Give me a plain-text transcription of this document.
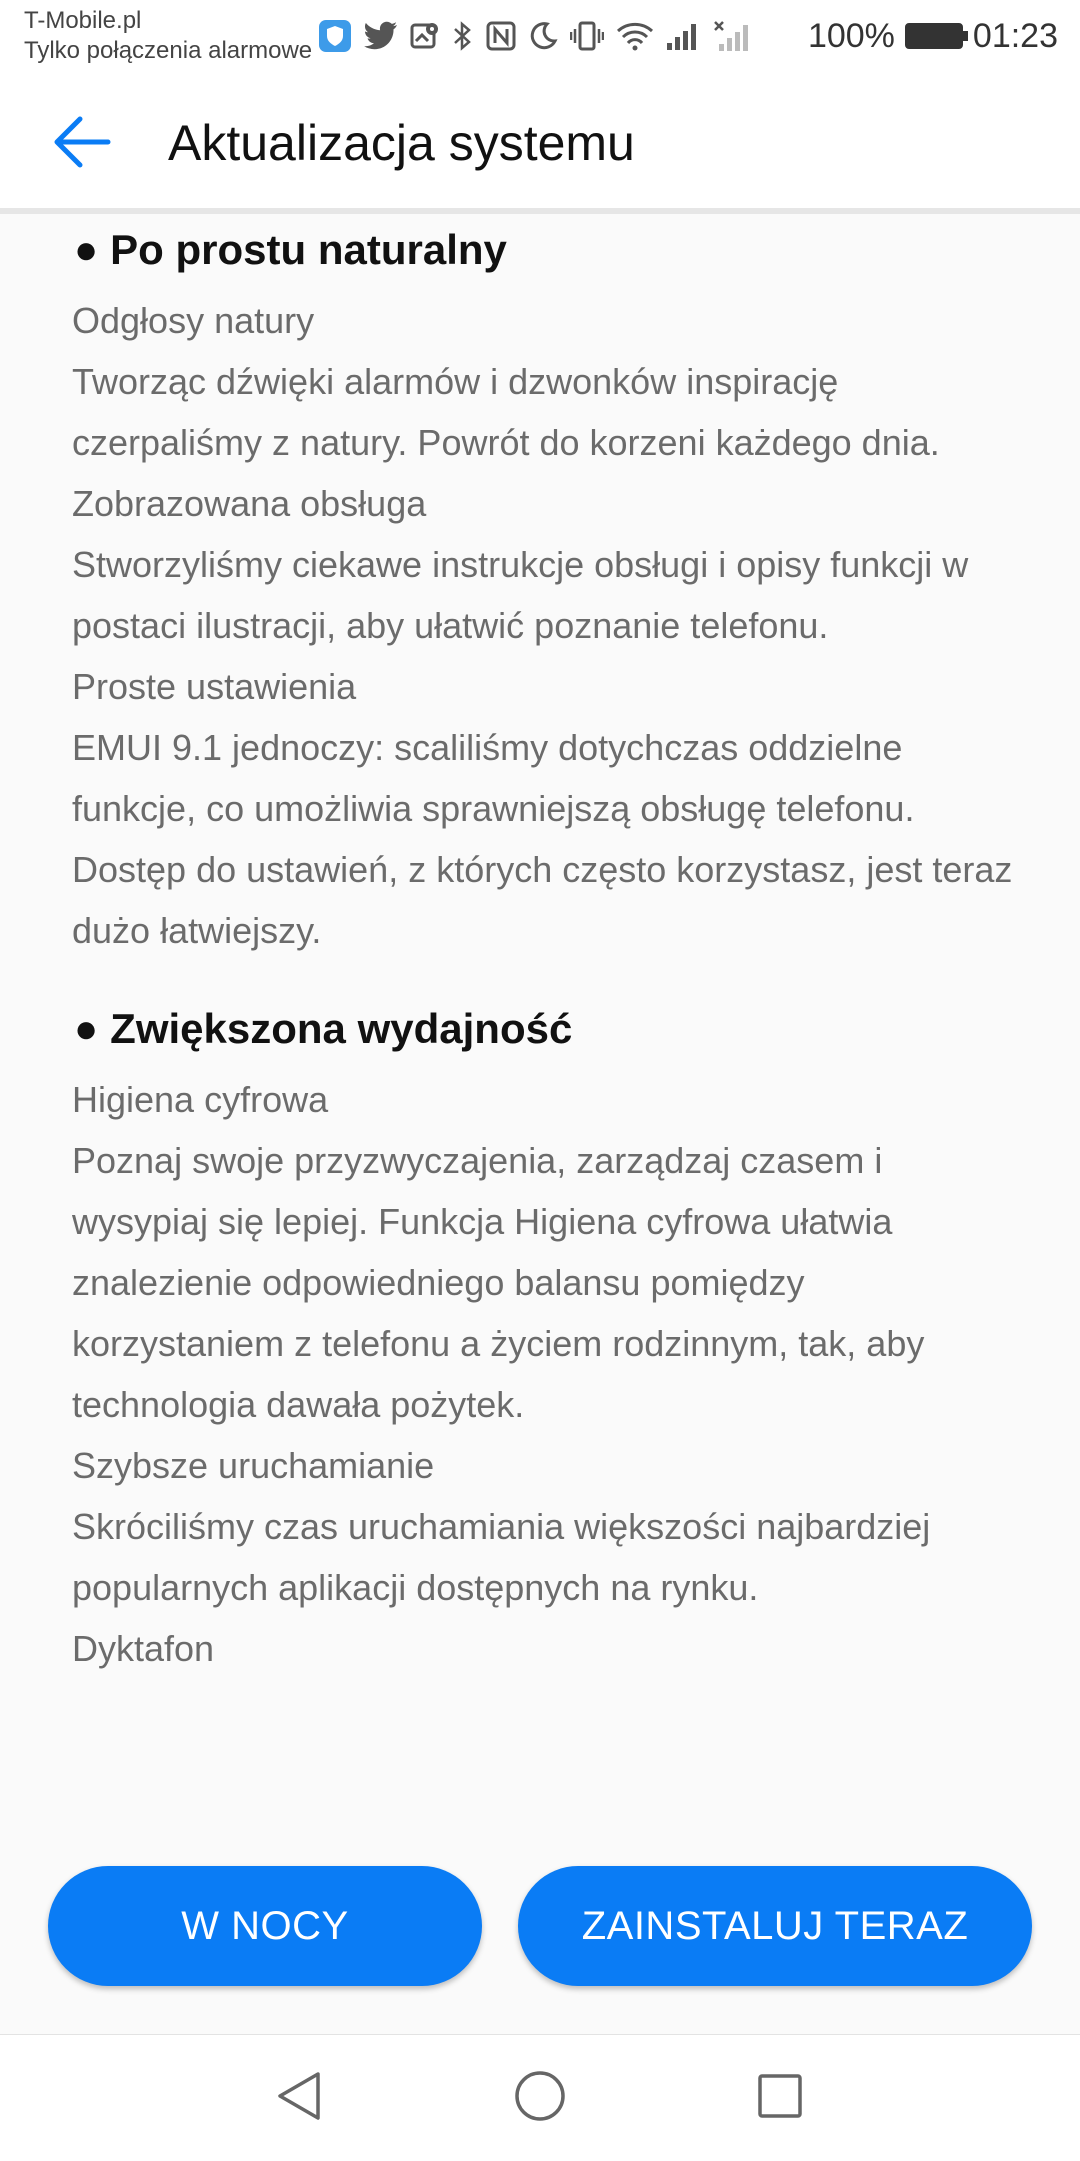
T-Mobile.pl
Tylko połączenia alarmowe	100% 01:23
Aktualizacja systemu
● Po prostu naturalny

Odgłosy natury

Tworząc dźwięki alarmów i dzwonków inspirację czerpaliśmy z natury. Powrót do korzeni każdego dnia.

Zobrazowana obsługa

Stworzyliśmy ciekawe instrukcje obsługi i opisy funkcji w postaci ilustracji, aby ułatwić poznanie telefonu.

Proste ustawienia

EMUI 9.1 jednoczy: scaliliśmy dotychczas oddzielne funkcje, co umożliwia sprawniejszą obsługę telefonu. Dostęp do ustawień, z których często korzystasz, jest teraz dużo łatwiejszy.

● Zwiększona wydajność

Higiena cyfrowa

Poznaj swoje przyzwyczajenia, zarządzaj czasem i wysypiaj się lepiej. Funkcja Higiena cyfrowa ułatwia znalezienie odpowiedniego balansu pomiędzy korzystaniem z telefonu a życiem rodzinnym, tak, aby technologia dawała pożytek.

Szybsze uruchamianie

Skróciliśmy czas uruchamiania większości najbardziej popularnych aplikacji dostępnych na rynku.

Dyktafon

W NOCY	ZAINSTALUJ TERAZ
